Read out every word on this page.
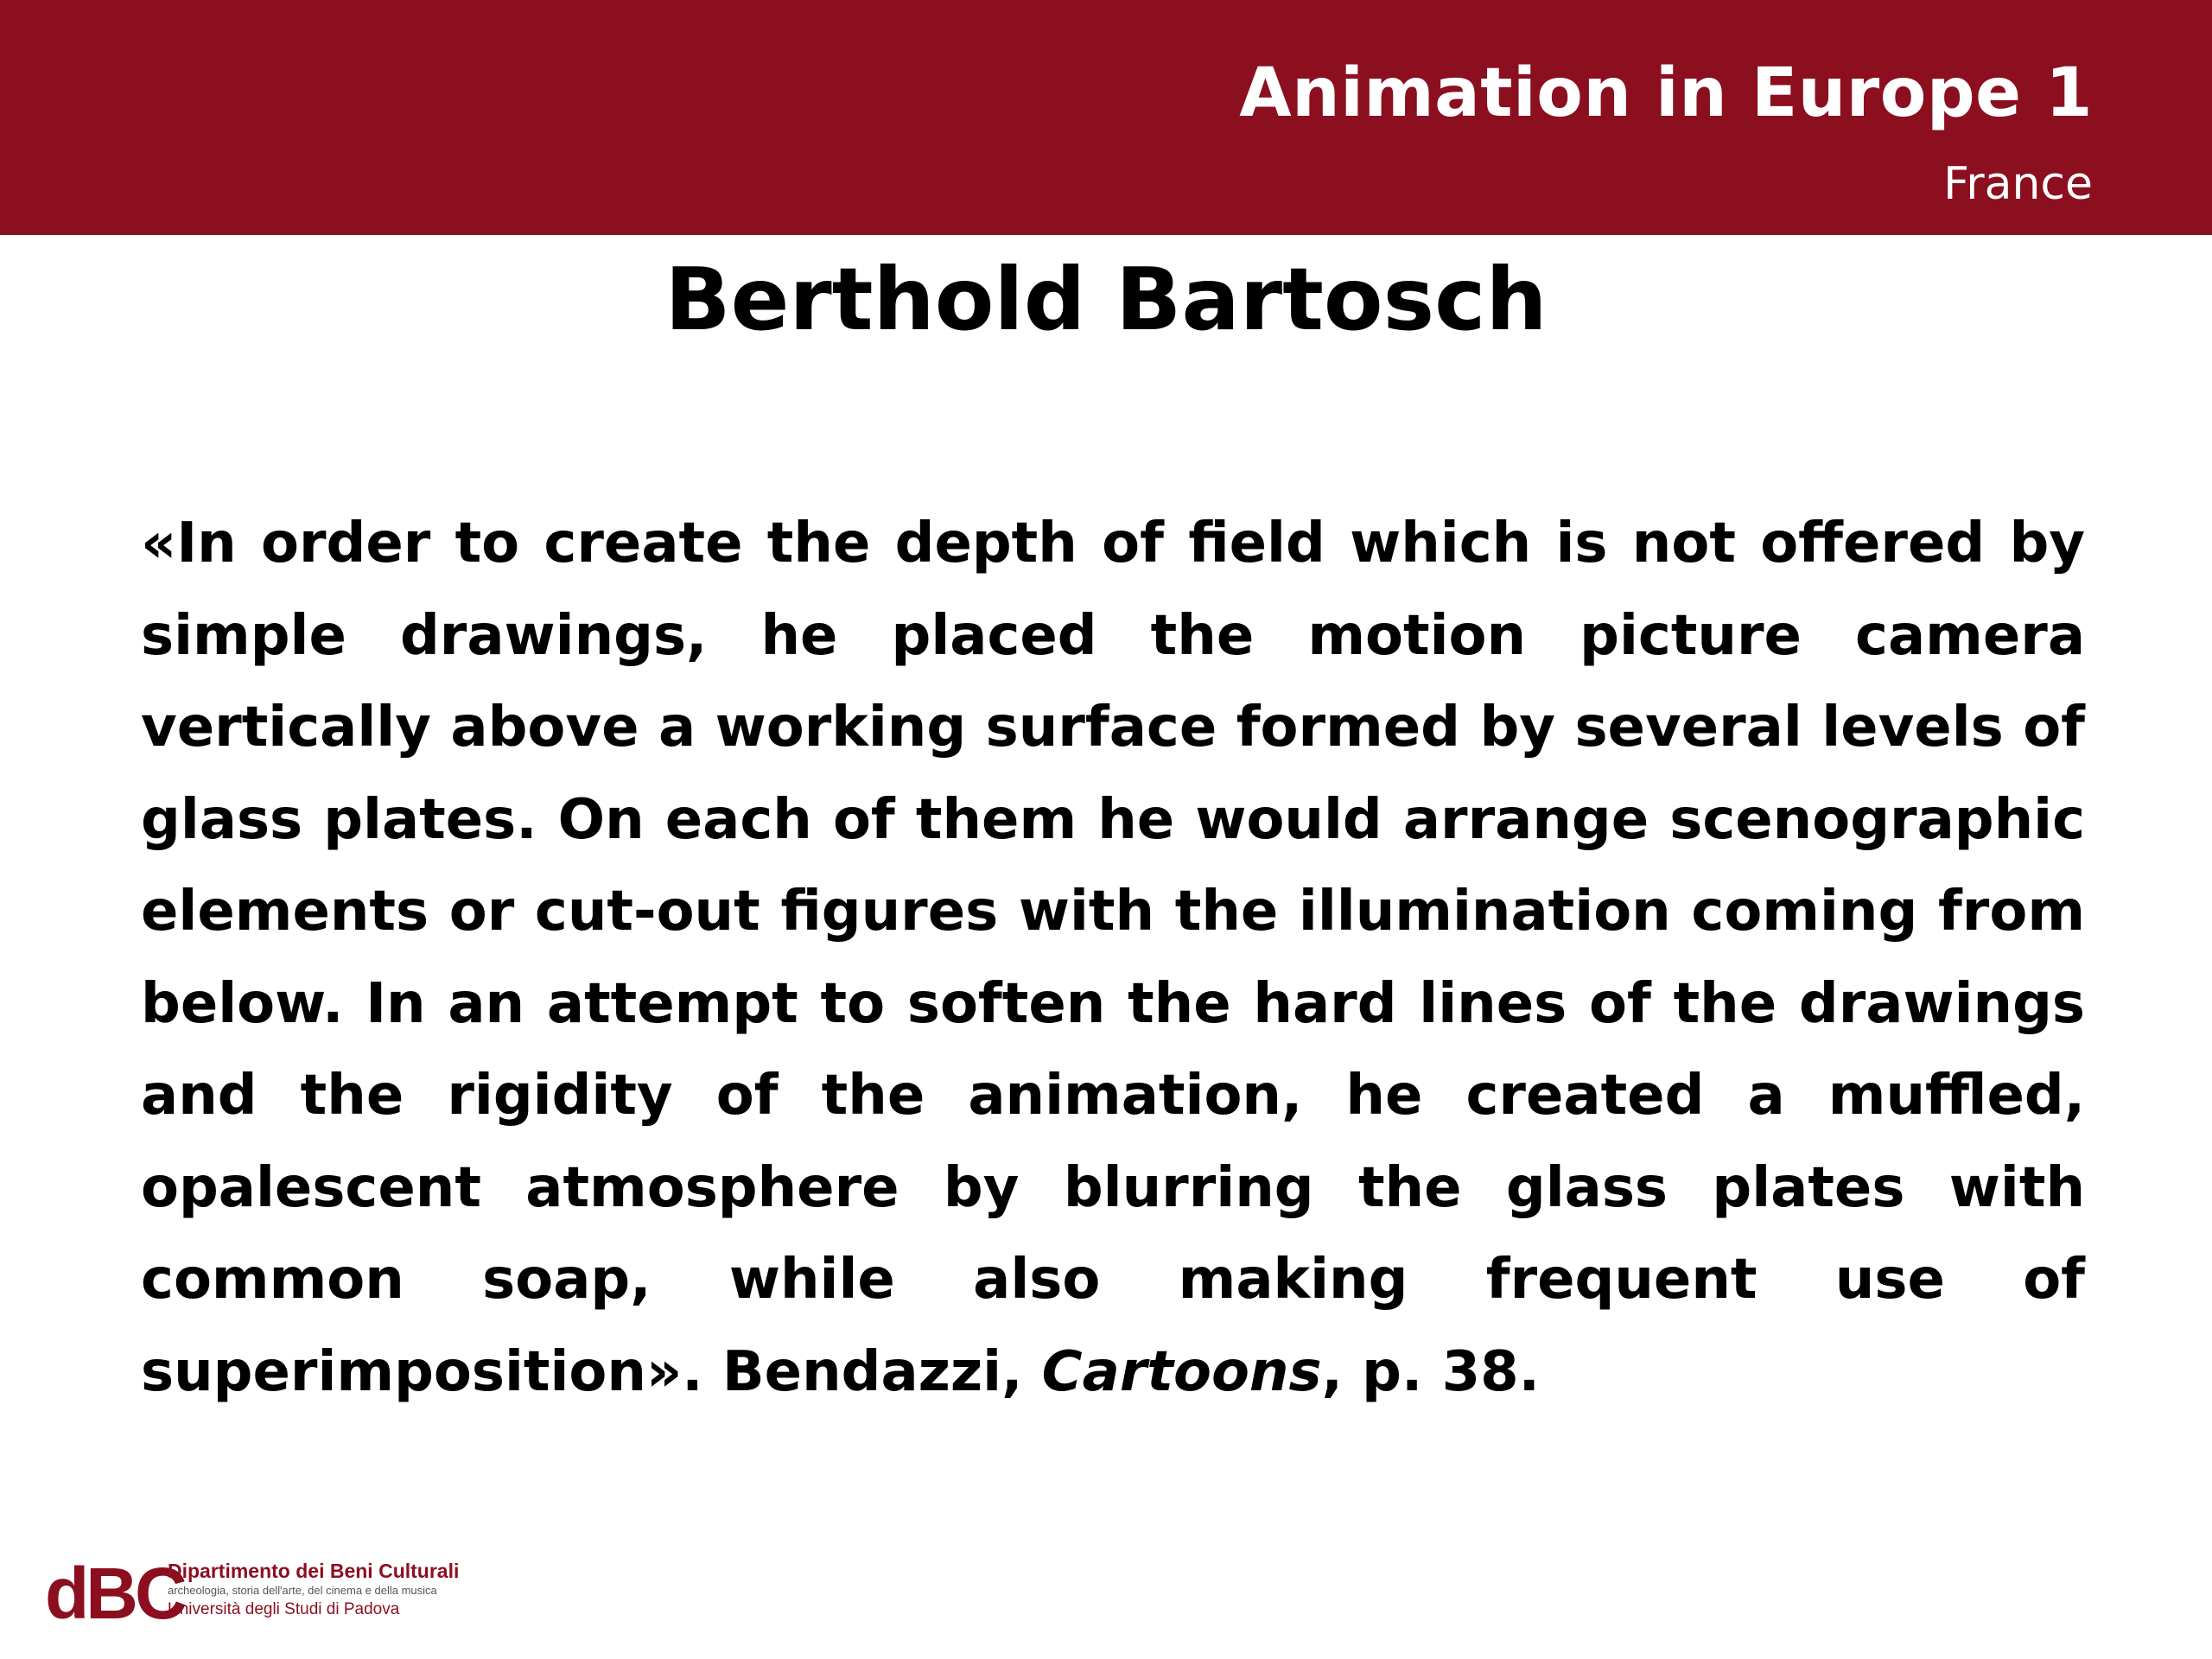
Animation in Europe 1
France
Berthold Bartosch

«In order to create the depth of field which is not offered by simple drawings, he placed the motion picture camera vertically above a working surface formed by several levels of glass plates. On each of them he would arrange scenographic elements or cut-out figures with the illumination coming from below. In an attempt to soften the hard lines of the drawings and the rigidity of the animation, he created a muffled, opalescent atmosphere by blurring the glass plates with common soap, while also making frequent use of superimposition». Bendazzi, Cartoons, p. 38.

dBC
Dipartimento dei Beni Culturali
archeologia, storia dell'arte, del cinema e della musica
Università degli Studi di Padova
